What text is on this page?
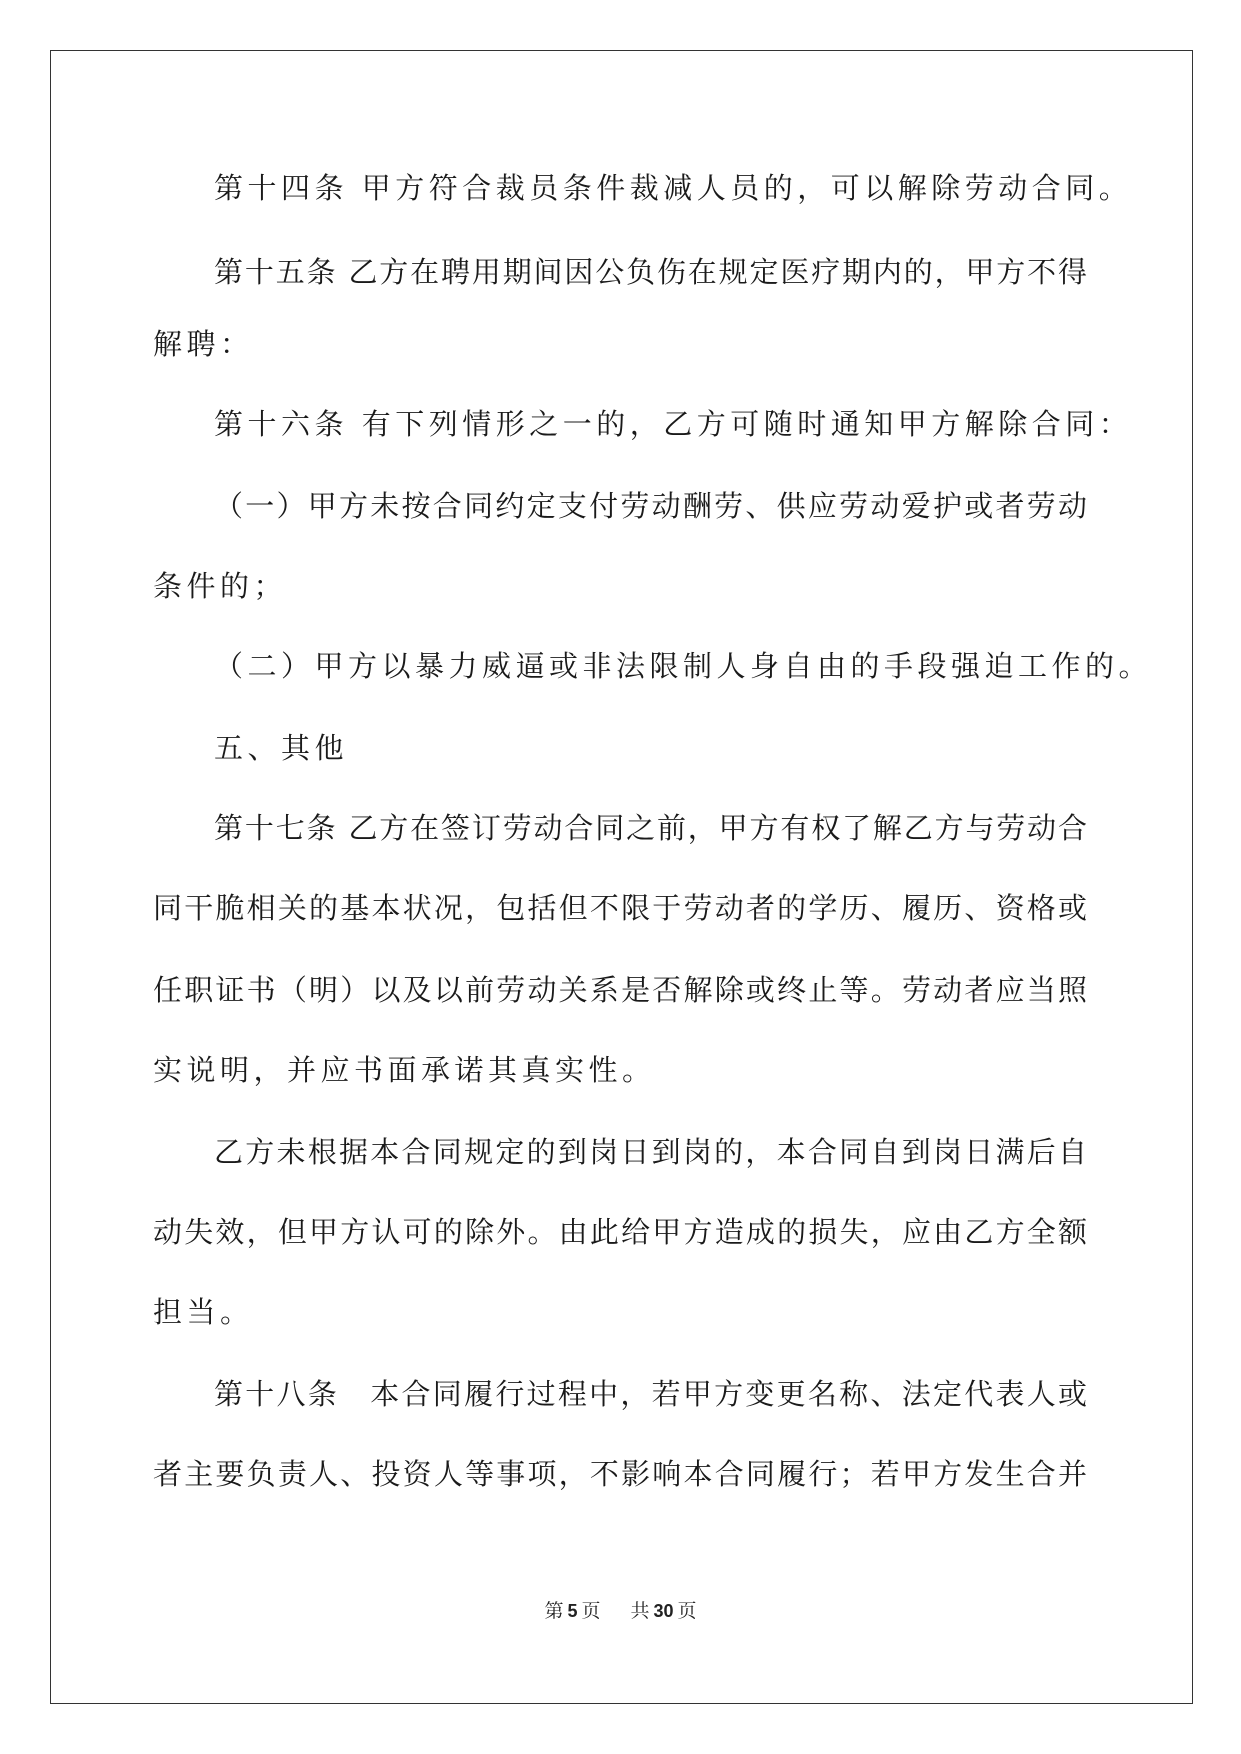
第十四条 甲方符合裁员条件裁减人员的，可以解除劳动合同。
第十五条 乙方在聘用期间因公负伤在规定医疗期内的，甲方不得
解聘：
第十六条 有下列情形之一的，乙方可随时通知甲方解除合同：
（一）甲方未按合同约定支付劳动酬劳、供应劳动爱护或者劳动
条件的；
（二）甲方以暴力威逼或非法限制人身自由的手段强迫工作的。
五、其他
第十七条 乙方在签订劳动合同之前，甲方有权了解乙方与劳动合
同干脆相关的基本状况，包括但不限于劳动者的学历、履历、资格或
任职证书（明）以及以前劳动关系是否解除或终止等。劳动者应当照
实说明，并应书面承诺其真实性。
乙方未根据本合同规定的到岗日到岗的，本合同自到岗日满后自
动失效，但甲方认可的除外。由此给甲方造成的损失，应由乙方全额
担当。
第十八条　本合同履行过程中，若甲方变更名称、法定代表人或
者主要负责人、投资人等事项，不影响本合同履行；若甲方发生合并
第 5 页 共 30 页
